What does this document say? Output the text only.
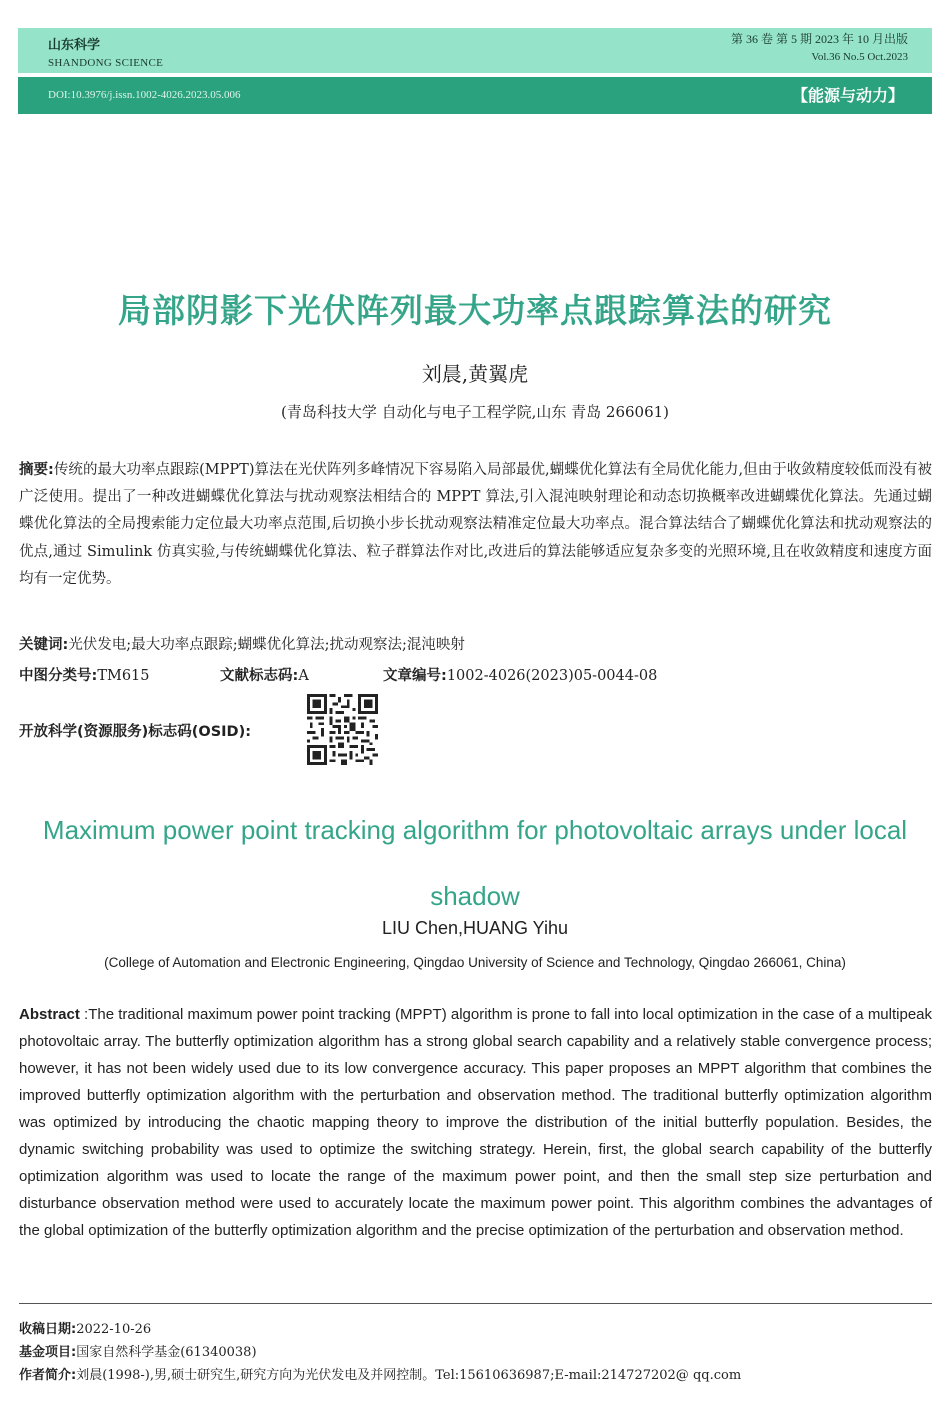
山东科学
SHANDONG SCIENCE
第 36 卷 第 5 期 2023 年 10 月出版
Vol.36 No.5 Oct.2023
DOI:10.3976/j.issn.1002-4026.2023.05.006	【能源与动力】
局部阴影下光伏阵列最大功率点跟踪算法的研究
刘晨,黄翼虎
(青岛科技大学 自动化与电子工程学院,山东 青岛 266061)
摘要:传统的最大功率点跟踪(MPPT)算法在光伏阵列多峰情况下容易陷入局部最优,蝴蝶优化算法有全局优化能力,但由于收敛精度较低而没有被广泛使用。提出了一种改进蝴蝶优化算法与扰动观察法相结合的 MPPT 算法,引入混沌映射理论和动态切换概率改进蝴蝶优化算法。先通过蝴蝶优化算法的全局搜索能力定位最大功率点范围,后切换小步长扰动观察法精准定位最大功率点。混合算法结合了蝴蝶优化算法和扰动观察法的优点,通过 Simulink 仿真实验,与传统蝴蝶优化算法、粒子群算法作对比,改进后的算法能够适应复杂多变的光照环境,且在收敛精度和速度方面均有一定优势。
关键词:光伏发电;最大功率点跟踪;蝴蝶优化算法;扰动观察法;混沌映射
中图分类号:TM615	文献标志码:A	文章编号:1002-4026(2023)05-0044-08
开放科学(资源服务)标志码(OSID):
Maximum power point tracking algorithm for photovoltaic arrays under local shadow
LIU Chen,HUANG Yihu
(College of Automation and Electronic Engineering, Qingdao University of Science and Technology, Qingdao 266061, China)
Abstract :The traditional maximum power point tracking (MPPT) algorithm is prone to fall into local optimization in the case of a multipeak photovoltaic array. The butterfly optimization algorithm has a strong global search capability and a relatively stable convergence process; however, it has not been widely used due to its low convergence accuracy. This paper proposes an MPPT algorithm that combines the improved butterfly optimization algorithm with the perturbation and observation method. The traditional butterfly optimization algorithm was optimized by introducing the chaotic mapping theory to improve the distribution of the initial butterfly population. Besides, the dynamic switching probability was used to optimize the switching strategy. Herein, first, the global search capability of the butterfly optimization algorithm was used to locate the range of the maximum power point, and then the small step size perturbation and disturbance observation method were used to accurately locate the maximum power point. This algorithm combines the advantages of the global optimization of the butterfly optimization algorithm and the precise optimization of the perturbation and observation method.
收稿日期:2022-10-26
基金项目:国家自然科学基金(61340038)
作者简介:刘晨(1998-),男,硕士研究生,研究方向为光伏发电及并网控制。Tel:15610636987;E-mail:214727202@ qq.com
